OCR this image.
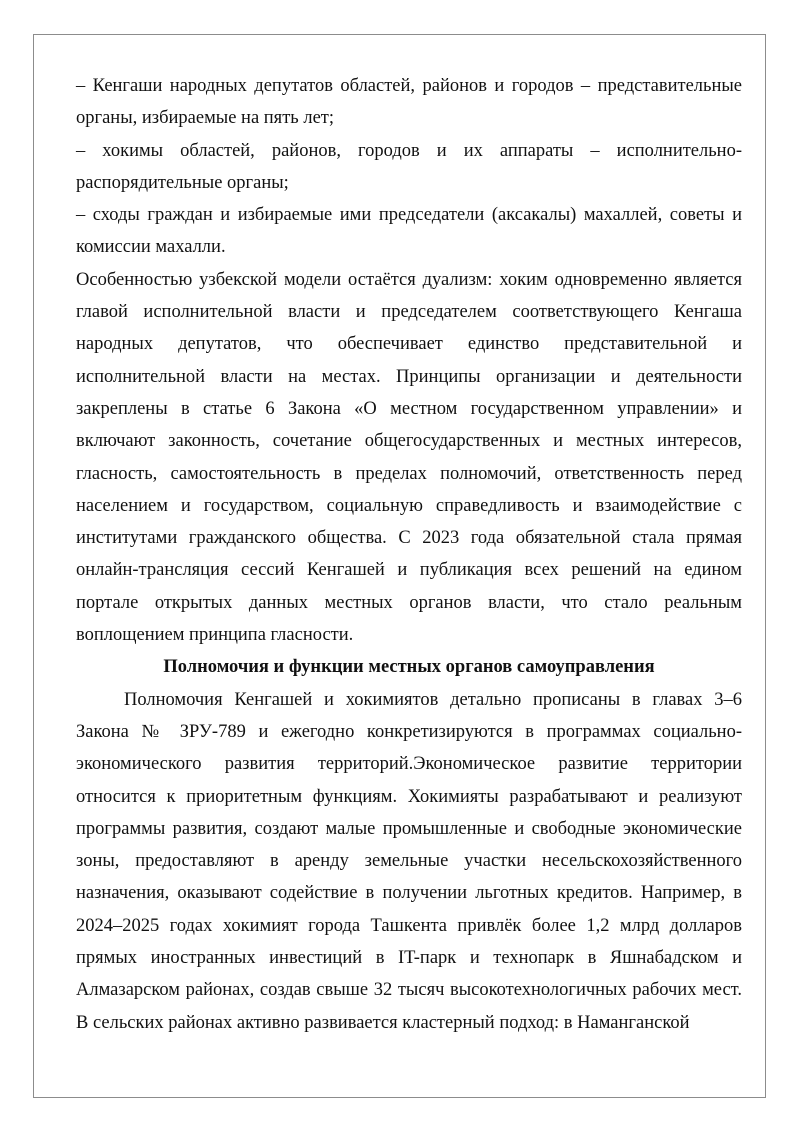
– Кенгаши народных депутатов областей, районов и городов – представительные органы, избираемые на пять лет;

– хокимы областей, районов, городов и их аппараты – исполнительно-распорядительные органы;

– сходы граждан и избираемые ими председатели (аксакалы) махаллей, советы и комиссии махалли.

Особенностью узбекской модели остаётся дуализм: хоким одновременно является главой исполнительной власти и председателем соответствующего Кенгаша народных депутатов, что обеспечивает единство представительной и исполнительной власти на местах. Принципы организации и деятельности закреплены в статье 6 Закона «О местном государственном управлении» и включают законность, сочетание общегосударственных и местных интересов, гласность, самостоятельность в пределах полномочий, ответственность перед населением и государством, социальную справедливость и взаимодействие с институтами гражданского общества. С 2023 года обязательной стала прямая онлайн-трансляция сессий Кенгашей и публикация всех решений на едином портале открытых данных местных органов власти, что стало реальным воплощением принципа гласности.

Полномочия и функции местных органов самоуправления

Полномочия Кенгашей и хокимиятов детально прописаны в главах 3–6 Закона № ЗРУ-789 и ежегодно конкретизируются в программах социально-экономического развития территорий.Экономическое развитие территории относится к приоритетным функциям. Хокимияты разрабатывают и реализуют программы развития, создают малые промышленные и свободные экономические зоны, предоставляют в аренду земельные участки несельскохозяйственного назначения, оказывают содействие в получении льготных кредитов. Например, в 2024–2025 годах хокимият города Ташкента привлёк более 1,2 млрд долларов прямых иностранных инвестиций в IT-парк и технопарк в Яшнабадском и Алмазарском районах, создав свыше 32 тысяч высокотехнологичных рабочих мест. В сельских районах активно развивается кластерный подход: в Наманганской
